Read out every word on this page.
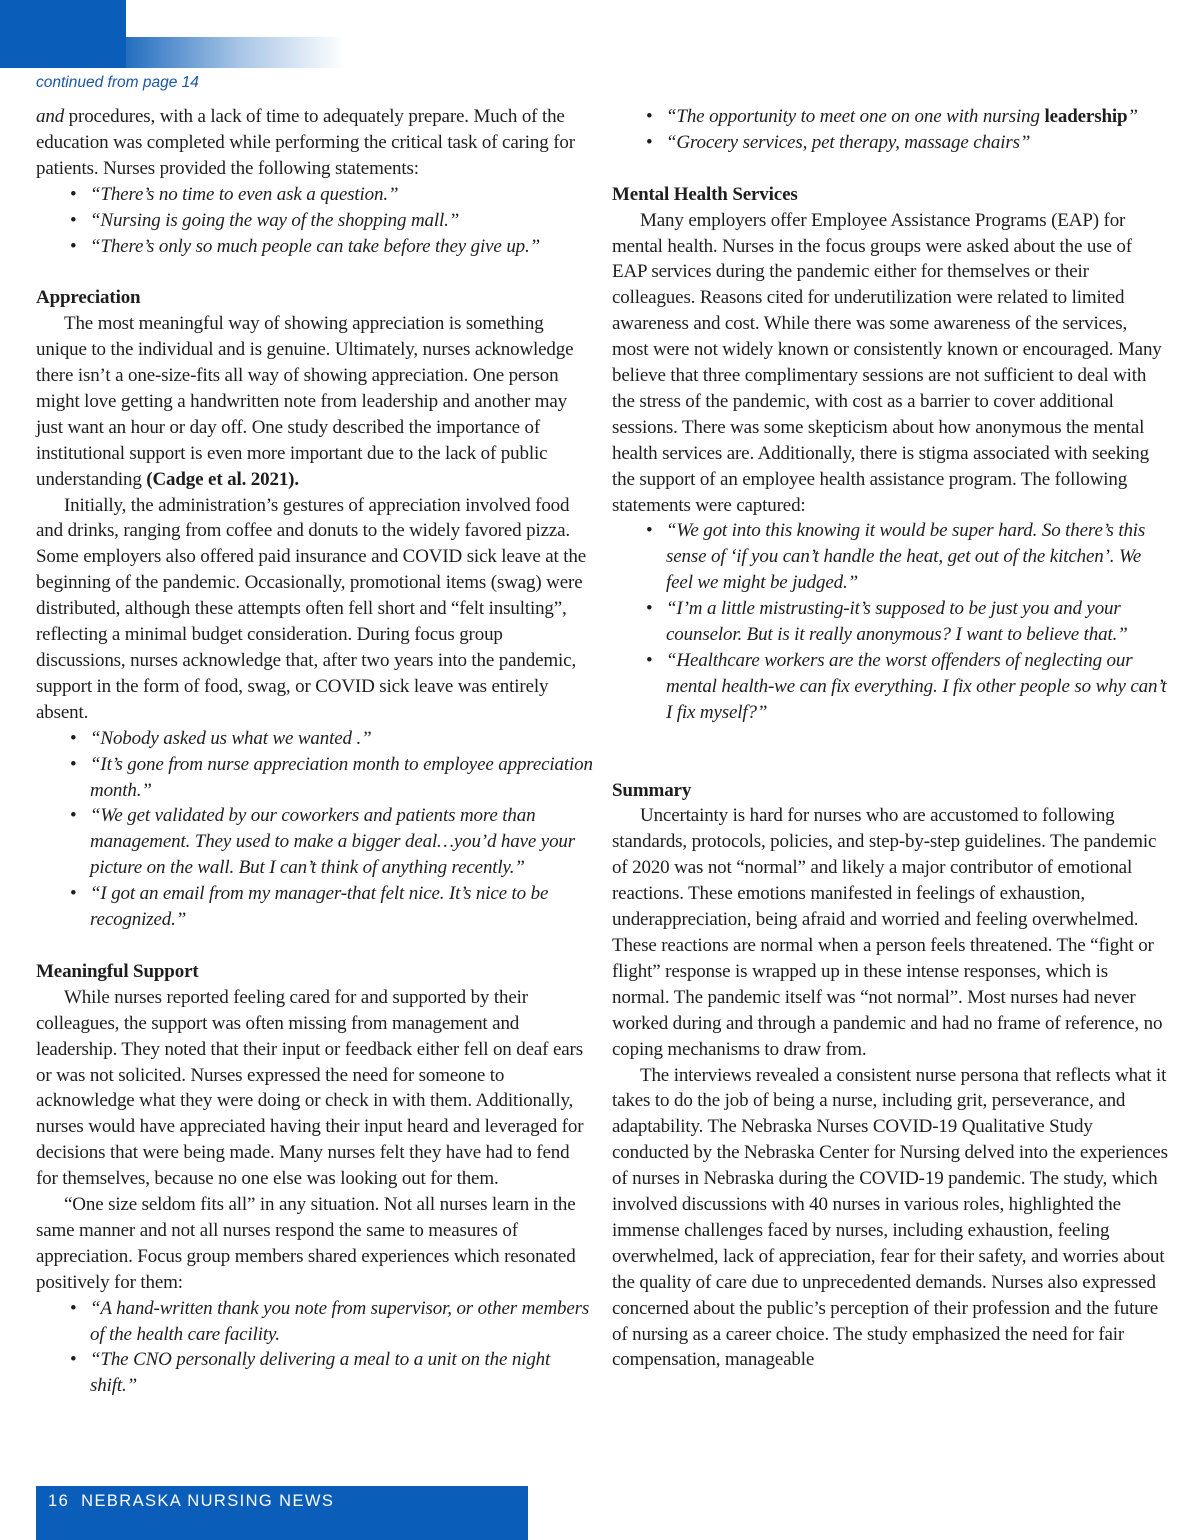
continued from page 14

and procedures, with a lack of time to adequately prepare. Much of the education was completed while performing the critical task of caring for patients. Nurses provided the following statements:

• “There’s no time to even ask a question.”
• “Nursing is going the way of the shopping mall.”
• “There’s only so much people can take before they give up.”
Appreciation

The most meaningful way of showing appreciation is something unique to the individual and is genuine. Ultimately, nurses acknowledge there isn’t a one-size-fits all way of showing appreciation. One person might love getting a handwritten note from leadership and another may just want an hour or day off. One study described the importance of institutional support is even more important due to the lack of public understanding (Cadge et al. 2021).

Initially, the administration’s gestures of appreciation involved food and drinks, ranging from coffee and donuts to the widely favored pizza. Some employers also offered paid insurance and COVID sick leave at the beginning of the pandemic. Occasionally, promotional items (swag) were distributed, although these attempts often fell short and “felt insulting”, reflecting a minimal budget consideration. During focus group discussions, nurses acknowledge that, after two years into the pandemic, support in the form of food, swag, or COVID sick leave was entirely absent.

• “Nobody asked us what we wanted .”
• “It’s gone from nurse appreciation month to employee appreciation month.”
• “We get validated by our coworkers and patients more than management. They used to make a bigger deal…you’d have your picture on the wall. But I can’t think of anything recently.”
• “I got an email from my manager-that felt nice. It’s nice to be recognized.”
Meaningful Support

While nurses reported feeling cared for and supported by their colleagues, the support was often missing from management and leadership. They noted that their input or feedback either fell on deaf ears or was not solicited. Nurses expressed the need for someone to acknowledge what they were doing or check in with them. Additionally, nurses would have appreciated having their input heard and leveraged for decisions that were being made. Many nurses felt they have had to fend for themselves, because no one else was looking out for them.

“One size seldom fits all” in any situation. Not all nurses learn in the same manner and not all nurses respond the same to measures of appreciation. Focus group members shared experiences which resonated positively for them:

• “A hand-written thank you note from supervisor, or other members of the health care facility.
• “The CNO personally delivering a meal to a unit on the night shift.”
• “The opportunity to meet one on one with nursing leadership”
• “Grocery services, pet therapy, massage chairs”
Mental Health Services

Many employers offer Employee Assistance Programs (EAP) for mental health. Nurses in the focus groups were asked about the use of EAP services during the pandemic either for themselves or their colleagues. Reasons cited for underutilization were related to limited awareness and cost. While there was some awareness of the services, most were not widely known or consistently known or encouraged. Many believe that three complimentary sessions are not sufficient to deal with the stress of the pandemic, with cost as a barrier to cover additional sessions. There was some skepticism about how anonymous the mental health services are. Additionally, there is stigma associated with seeking the support of an employee health assistance program. The following statements were captured:

• “We got into this knowing it would be super hard. So there’s this sense of ‘if you can’t handle the heat, get out of the kitchen’. We feel we might be judged.”
• “I’m a little mistrusting-it’s supposed to be just you and your counselor. But is it really anonymous? I want to believe that.”
• “Healthcare workers are the worst offenders of neglecting our mental health-we can fix everything. I fix other people so why can’t I fix myself?”
Summary

Uncertainty is hard for nurses who are accustomed to following standards, protocols, policies, and step-by-step guidelines. The pandemic of 2020 was not “normal” and likely a major contributor of emotional reactions. These emotions manifested in feelings of exhaustion, underappreciation, being afraid and worried and feeling overwhelmed. These reactions are normal when a person feels threatened. The “fight or flight” response is wrapped up in these intense responses, which is normal. The pandemic itself was “not normal”. Most nurses had never worked during and through a pandemic and had no frame of reference, no coping mechanisms to draw from.

The interviews revealed a consistent nurse persona that reflects what it takes to do the job of being a nurse, including grit, perseverance, and adaptability. The Nebraska Nurses COVID-19 Qualitative Study conducted by the Nebraska Center for Nursing delved into the experiences of nurses in Nebraska during the COVID-19 pandemic. The study, which involved discussions with 40 nurses in various roles, highlighted the immense challenges faced by nurses, including exhaustion, feeling overwhelmed, lack of appreciation, fear for their safety, and worries about the quality of care due to unprecedented demands. Nurses also expressed concerned about the public’s perception of their profession and the future of nursing as a career choice. The study emphasized the need for fair compensation, manageable

16 NEBRASKA NURSING NEWS
